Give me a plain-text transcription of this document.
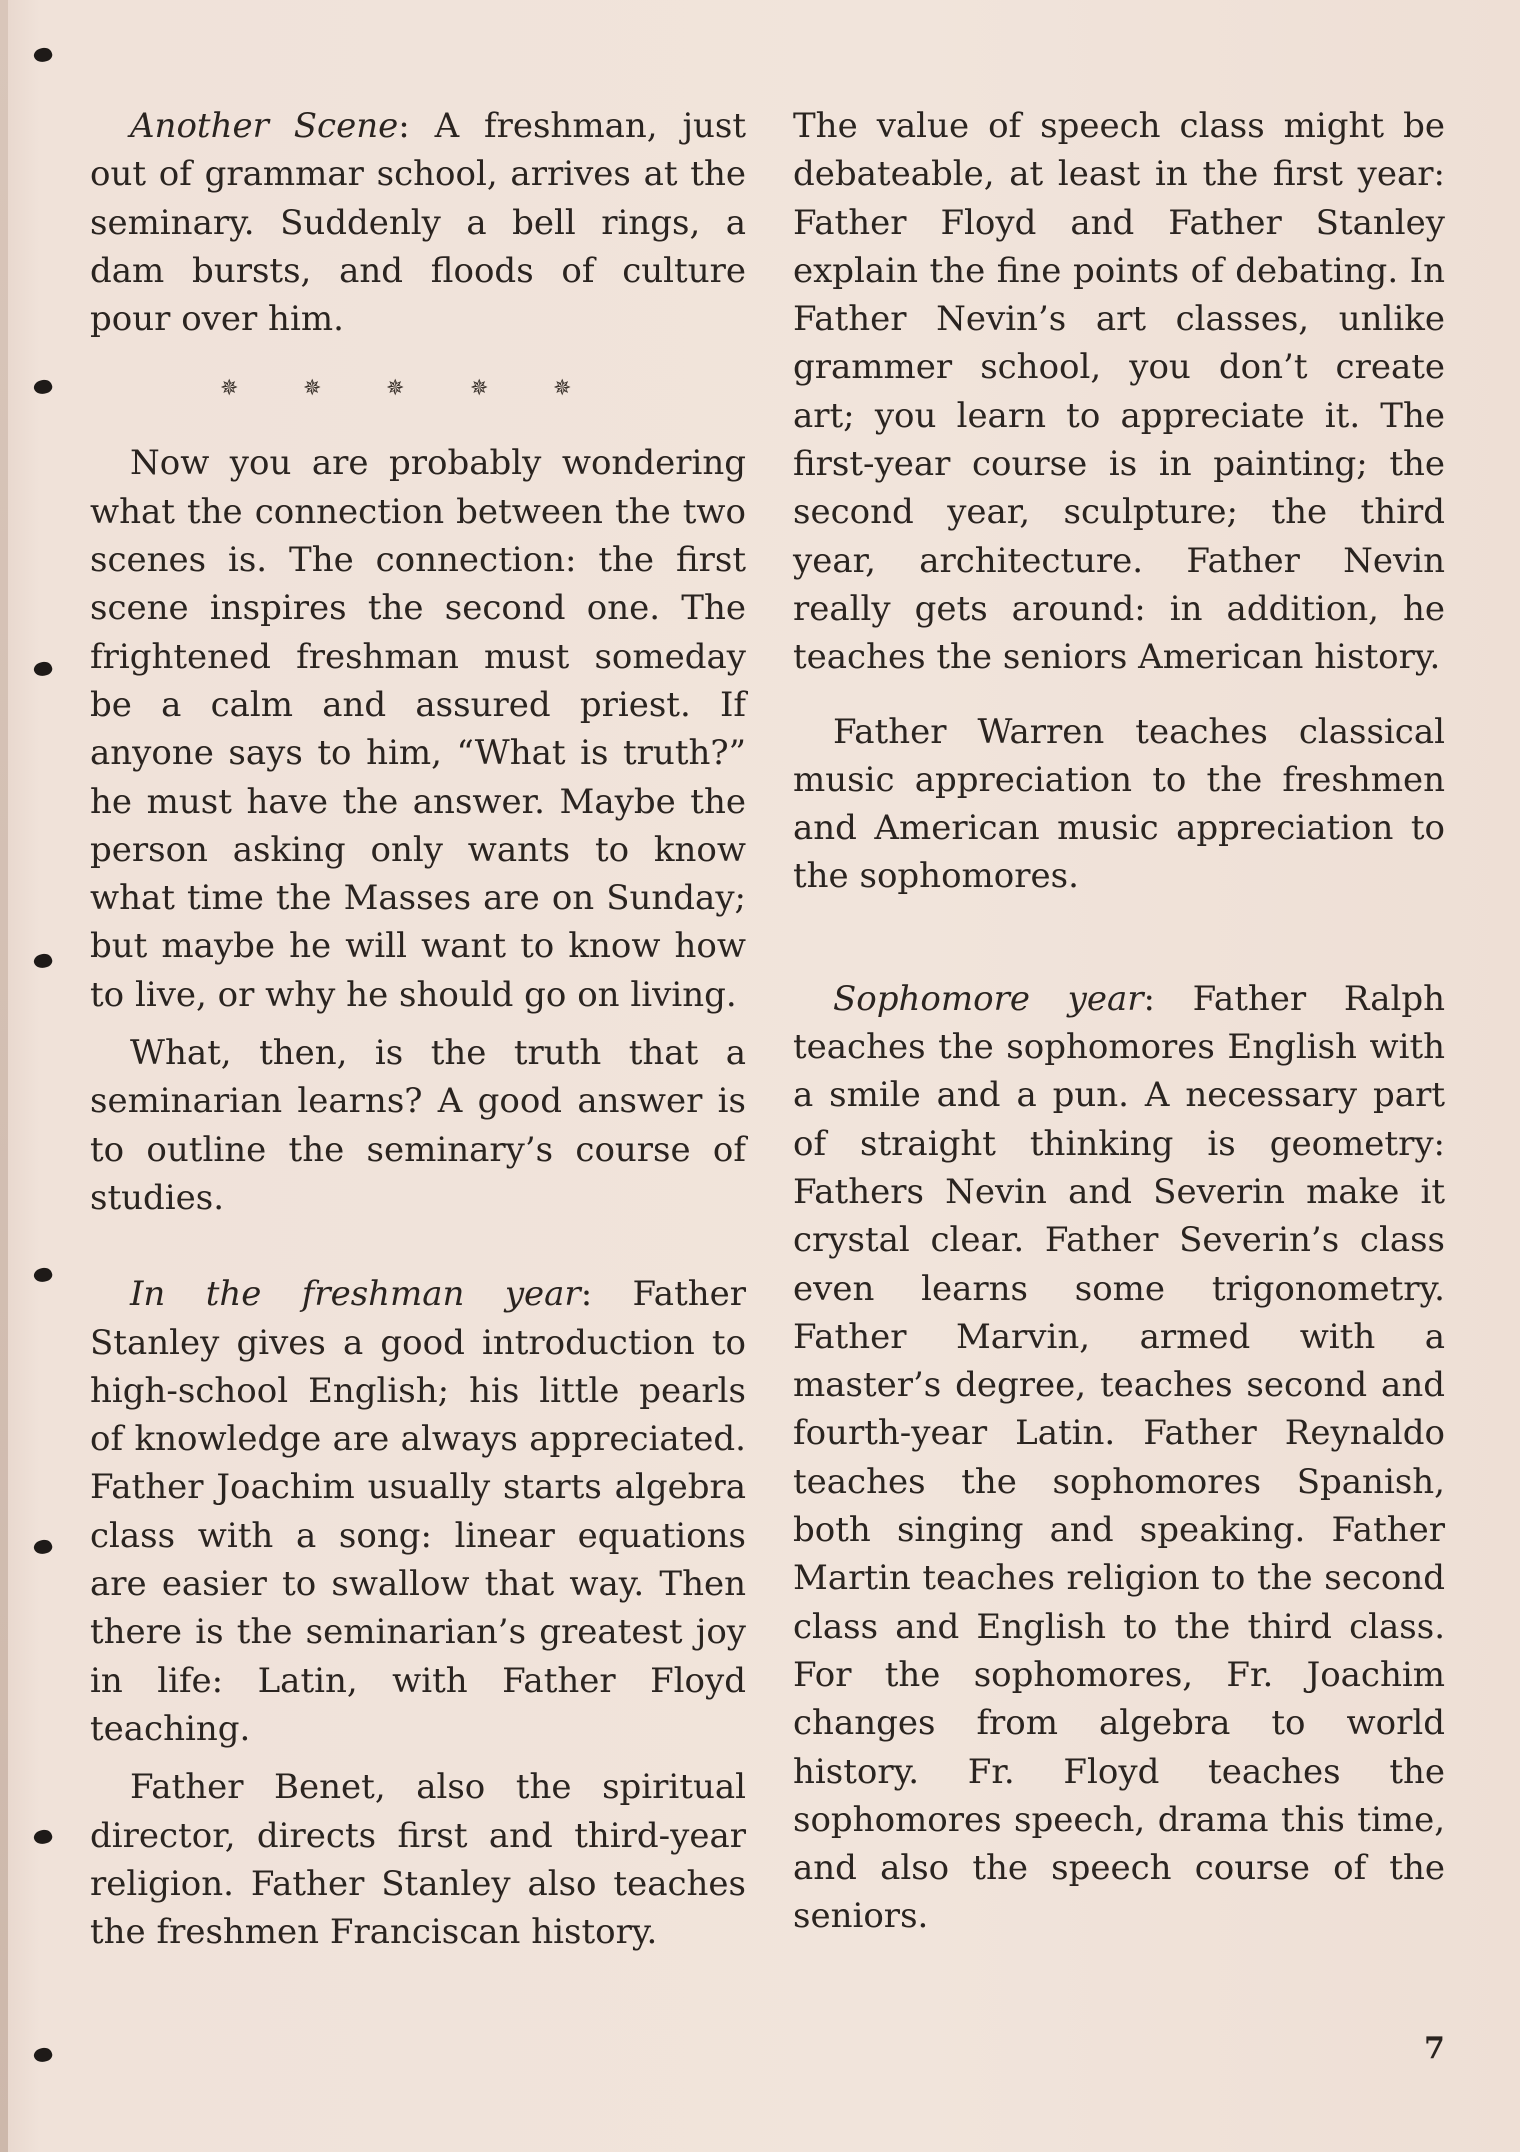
Another Scene: A freshman, just out of grammar school, arrives at the seminary. Suddenly a bell rings, a dam bursts, and floods of culture pour over him.

✵	✵	✵	✵	✵

Now you are probably wondering what the connection between the two scenes is. The connection: the first scene inspires the second one. The frightened freshman must someday be a calm and assured priest. If anyone says to him, “What is truth?” he must have the answer. Maybe the person asking only wants to know what time the Masses are on Sunday; but maybe he will want to know how to live, or why he should go on living.

What, then, is the truth that a seminarian learns? A good answer is to outline the seminary’s course of studies.

In the freshman year: Father Stanley gives a good introduction to high-school English; his little pearls of knowledge are always appreciated. Father Joachim usually starts algebra class with a song: linear equations are easier to swallow that way. Then there is the seminarian’s greatest joy in life: Latin, with Father Floyd teaching.

Father Benet, also the spiritual director, directs first and third-year religion. Father Stanley also teaches the freshmen Franciscan history.

The value of speech class might be debateable, at least in the first year: Father Floyd and Father Stanley explain the fine points of debating. In Father Nevin’s art classes, unlike grammer school, you don’t create art; you learn to appreciate it. The first-year course is in painting; the second year, sculpture; the third year, architecture. Father Nevin really gets around: in addition, he teaches the seniors American history.

Father Warren teaches classical music appreciation to the freshmen and American music appreciation to the sophomores.

Sophomore year: Father Ralph teaches the sophomores English with a smile and a pun. A necessary part of straight thinking is geometry: Fathers Nevin and Severin make it crystal clear. Father Severin’s class even learns some trigonometry. Father Marvin, armed with a master’s degree, teaches second and fourth-year Latin. Father Reynaldo teaches the sophomores Spanish, both singing and speaking. Father Martin teaches religion to the second class and English to the third class. For the sophomores, Fr. Joachim changes from algebra to world history. Fr. Floyd teaches the sophomores speech, drama this time, and also the speech course of the seniors.

7
